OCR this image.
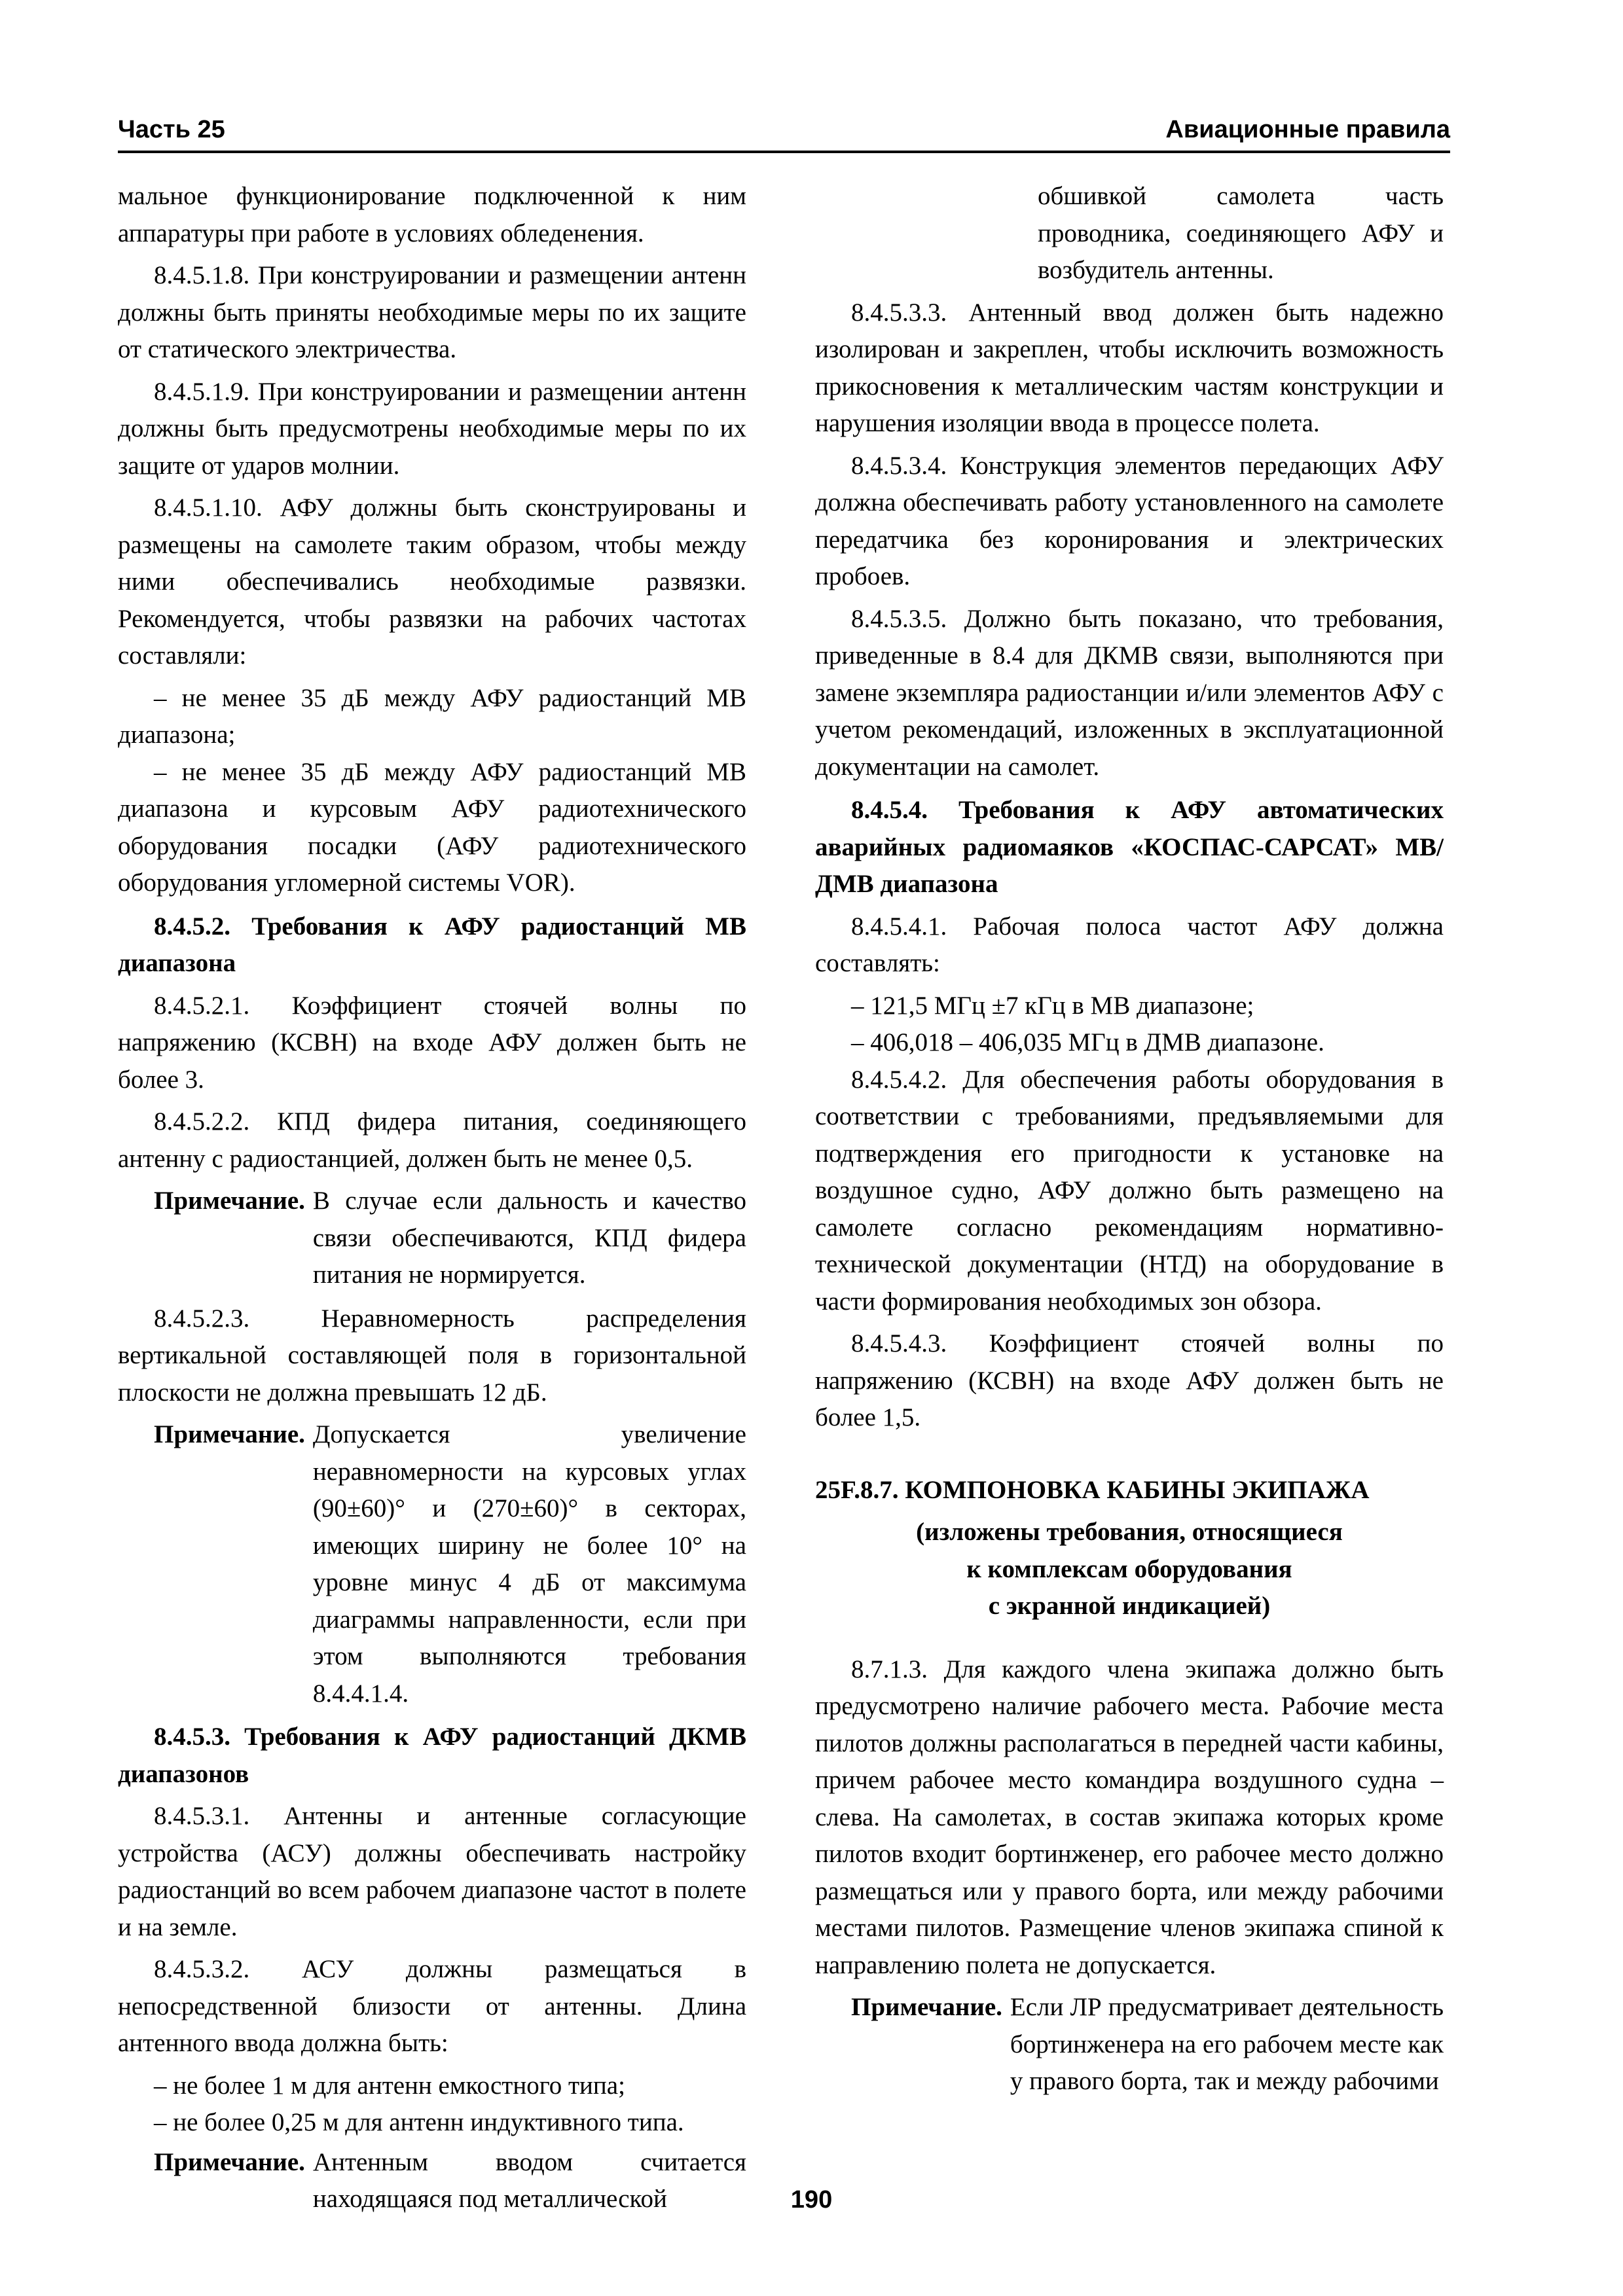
Часть 25	Авиационные правила

мальное функционирование подключенной к ним аппаратуры при работе в условиях обледенения.

8.4.5.1.8. При конструировании и размещении антенн должны быть приняты необходимые меры по их защите от статического электричества.

8.4.5.1.9. При конструировании и размещении антенн должны быть предусмотрены необходимые меры по их защите от ударов молнии.

8.4.5.1.10. АФУ должны быть сконструированы и размещены на самолете таким образом, чтобы между ними обеспечивались необходимые развязки. Рекомендуется, чтобы развязки на рабочих частотах составляли:

– не менее 35 дБ между АФУ радиостанций МВ диапазона;

– не менее 35 дБ между АФУ радиостанций МВ диапазона и курсовым АФУ радиотехнического оборудования посадки (АФУ радиотехнического оборудования угломерной системы VOR).

8.4.5.2. Требования к АФУ радиостанций МВ диапазона

8.4.5.2.1. Коэффициент стоячей волны по напряжению (КСВН) на входе АФУ должен быть не более 3.

8.4.5.2.2. КПД фидера питания, соединяющего антенну с радиостанцией, должен быть не менее 0,5.

Примечание. В случае если дальность и качество связи обеспечиваются, КПД фидера питания не нормируется.

8.4.5.2.3. Неравномерность распределения вертикальной составляющей поля в горизонтальной плоскости не должна превышать 12 дБ.

Примечание. Допускается увеличение неравномерности на курсовых углах (90±60)° и (270±60)° в секторах, имеющих ширину не более 10° на уровне минус 4 дБ от максимума диаграммы направленности, если при этом выполняются требования 8.4.4.1.4.

8.4.5.3. Требования к АФУ радиостанций ДКМВ диапазонов

8.4.5.3.1. Антенны и антенные согласующие устройства (АСУ) должны обеспечивать настройку радиостанций во всем рабочем диапазоне частот в полете и на земле.

8.4.5.3.2. АСУ должны размещаться в непосредственной близости от антенны. Длина антенного ввода должна быть:

– не более 1 м для антенн емкостного типа;

– не более 0,25 м для антенн индуктивного типа.

Примечание. Антенным вводом считается находящаяся под металлической

обшивкой самолета часть проводника, соединяющего АФУ и возбудитель антенны.

8.4.5.3.3. Антенный ввод должен быть надежно изолирован и закреплен, чтобы исключить возможность прикосновения к металлическим частям конструкции и нарушения изоляции ввода в процессе полета.

8.4.5.3.4. Конструкция элементов передающих АФУ должна обеспечивать работу установленного на самолете передатчика без коронирования и электрических пробоев.

8.4.5.3.5. Должно быть показано, что требования, приведенные в 8.4 для ДКМВ связи, выполняются при замене экземпляра радиостанции и/или элементов АФУ с учетом рекомендаций, изложенных в эксплуатационной документации на самолет.

8.4.5.4. Требования к АФУ автоматических аварийных радиомаяков «КОСПАС-САРСАТ» МВ/ДМВ диапазона

8.4.5.4.1. Рабочая полоса частот АФУ должна составлять:

– 121,5 МГц ±7 кГц в МВ диапазоне;

– 406,018 – 406,035 МГц в ДМВ диапазоне.

8.4.5.4.2. Для обеспечения работы оборудования в соответствии с требованиями, предъявляемыми для подтверждения его пригодности к установке на воздушное судно, АФУ должно быть размещено на самолете согласно рекомендациям нормативно-технической документации (НТД) на оборудование в части формирования необходимых зон обзора.

8.4.5.4.3. Коэффициент стоячей волны по напряжению (КСВН) на входе АФУ должен быть не более 1,5.

25F.8.7. КОМПОНОВКА КАБИНЫ ЭКИПАЖА

(изложены требования, относящиеся
к комплексам оборудования
с экранной индикацией)

8.7.1.3. Для каждого члена экипажа должно быть предусмотрено наличие рабочего места. Рабочие места пилотов должны располагаться в передней части кабины, причем рабочее место командира воздушного судна – слева. На самолетах, в состав экипажа которых кроме пилотов входит бортинженер, его рабочее место должно размещаться или у правого борта, или между рабочими местами пилотов. Размещение членов экипажа спиной к направлению полета не допускается.

Примечание. Если ЛР предусматривает деятельность бортинженера на его рабочем месте как у правого борта, так и между рабочими
190
